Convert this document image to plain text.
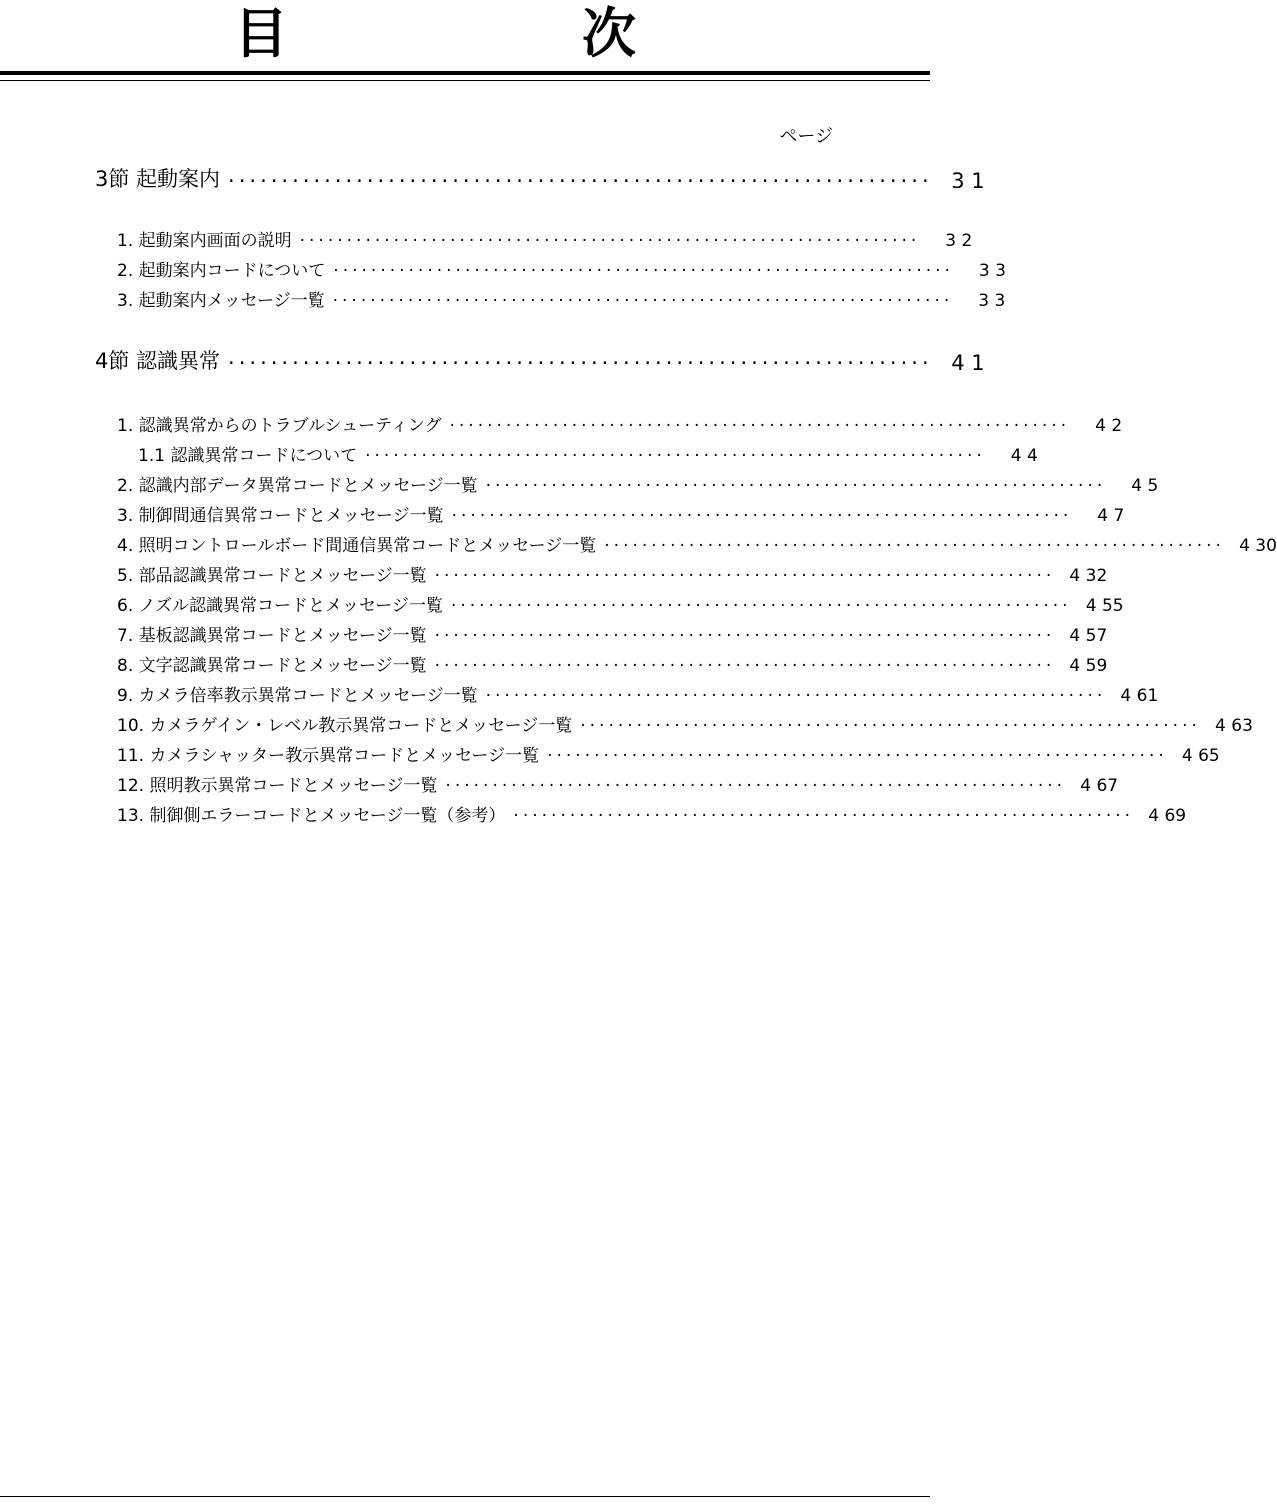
目　次
ページ
3節 起動案内 ·································································· 3 1
1. 起動案内画面の説明 ··································································	3 2
2. 起動案内コードについて ··································································	3 3
3. 起動案内メッセージ一覧 ··································································	3 3
4節 認識異常 ·································································· 4 1
1. 認識異常からのトラブルシューティング ··································································	4 2
1.1 認識異常コードについて ··································································	4 4
2. 認識内部データ異常コードとメッセージ一覧 ··································································	4 5
3. 制御間通信異常コードとメッセージ一覧 ··································································	4 7
4. 照明コントロールボード間通信異常コードとメッセージ一覧 ·································································· 4 30
5. 部品認識異常コードとメッセージ一覧 ·································································· 4 32
6. ノズル認識異常コードとメッセージ一覧 ·································································· 4 55
7. 基板認識異常コードとメッセージ一覧 ·································································· 4 57
8. 文字認識異常コードとメッセージ一覧 ·································································· 4 59
9. カメラ倍率教示異常コードとメッセージ一覧 ·································································· 4 61
10. カメラゲイン・レベル教示異常コードとメッセージ一覧 ·································································· 4 63
11. カメラシャッター教示異常コードとメッセージ一覧 ·································································· 4 65
12. 照明教示異常コードとメッセージ一覧 ·································································· 4 67
13. 制御側エラーコードとメッセージ一覧（参考） ·································································· 4 69
